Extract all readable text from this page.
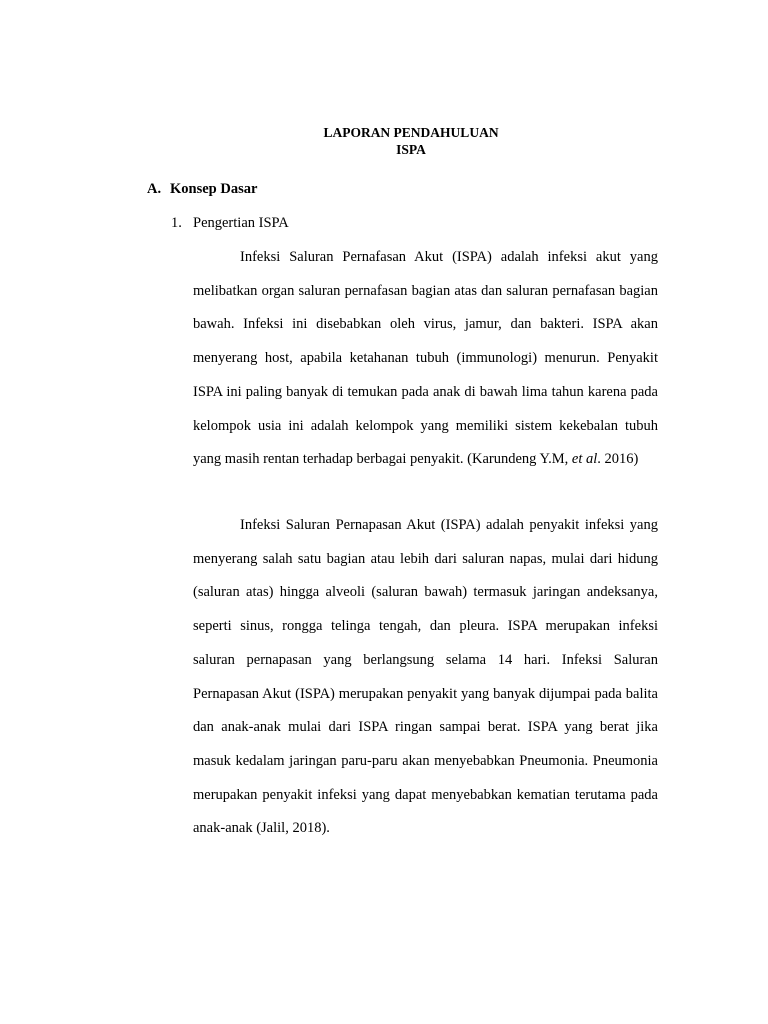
LAPORAN PENDAHULUAN
ISPA
A. Konsep Dasar
1. Pengertian ISPA

Infeksi Saluran Pernafasan Akut (ISPA) adalah infeksi akut yang melibatkan organ saluran pernafasan bagian atas dan saluran pernafasan bagian bawah. Infeksi ini disebabkan oleh virus, jamur, dan bakteri. ISPA akan menyerang host, apabila ketahanan tubuh (immunologi) menurun. Penyakit ISPA ini paling banyak di temukan pada anak di bawah lima tahun karena pada kelompok usia ini adalah kelompok yang memiliki sistem kekebalan tubuh yang masih rentan terhadap berbagai penyakit. (Karundeng Y.M, et al. 2016)

Infeksi Saluran Pernapasan Akut (ISPA) adalah penyakit infeksi yang menyerang salah satu bagian atau lebih dari saluran napas, mulai dari hidung (saluran atas) hingga alveoli (saluran bawah) termasuk jaringan andeksanya, seperti sinus, rongga telinga tengah, dan pleura. ISPA merupakan infeksi saluran pernapasan yang berlangsung selama 14 hari. Infeksi Saluran Pernapasan Akut (ISPA) merupakan penyakit yang banyak dijumpai pada balita dan anak-anak mulai dari ISPA ringan sampai berat. ISPA yang berat jika masuk kedalam jaringan paru-paru akan menyebabkan Pneumonia. Pneumonia merupakan penyakit infeksi yang dapat menyebabkan kematian terutama pada anak-anak (Jalil, 2018).
